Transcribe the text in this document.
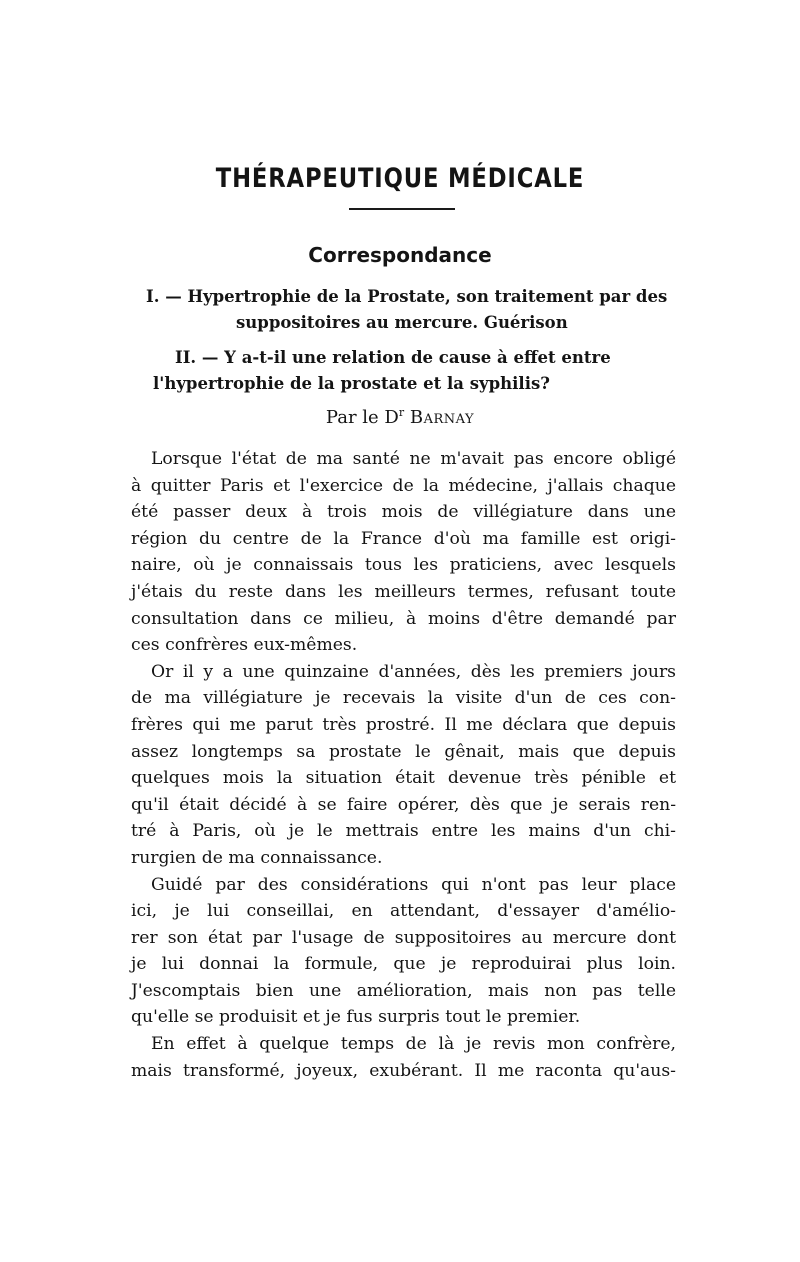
THÉRAPEUTIQUE MÉDICALE
Correspondance

I. — Hypertrophie de la Prostate, son traitement par des

suppositoires au mercure. Guérison

II. — Y a-t-il une relation de cause à effet entre

l'hypertrophie de la prostate et la syphilis?

Par le $D^r$ Barnay

Lorsque l'état de ma santé ne m'avait pas encore obligé
à quitter Paris et l'exercice de la médecine, j'allais chaque
été passer deux à trois mois de villégiature dans une
région du centre de la France d'où ma famille est origi-
naire, où je connaissais tous les praticiens, avec lesquels
j'étais du reste dans les meilleurs termes, refusant toute
consultation dans ce milieu, à moins d'être demandé par
ces confrères eux-mêmes.
Or il y a une quinzaine d'années, dès les premiers jours
de ma villégiature je recevais la visite d'un de ces con-
frères qui me parut très prostré. Il me déclara que depuis
assez longtemps sa prostate le gênait, mais que depuis
quelques mois la situation était devenue très pénible et
qu'il était décidé à se faire opérer, dès que je serais ren-
tré à Paris, où je le mettrais entre les mains d'un chi-
rurgien de ma connaissance.
Guidé par des considérations qui n'ont pas leur place
ici, je lui conseillai, en attendant, d'essayer d'amélio-
rer son état par l'usage de suppositoires au mercure dont
je lui donnai la formule, que je reproduirai plus loin.
J'escomptais bien une amélioration, mais non pas telle
qu'elle se produisit et je fus surpris tout le premier.
En effet à quelque temps de là je revis mon confrère,
mais transformé, joyeux, exubérant. Il me raconta qu'aus-
